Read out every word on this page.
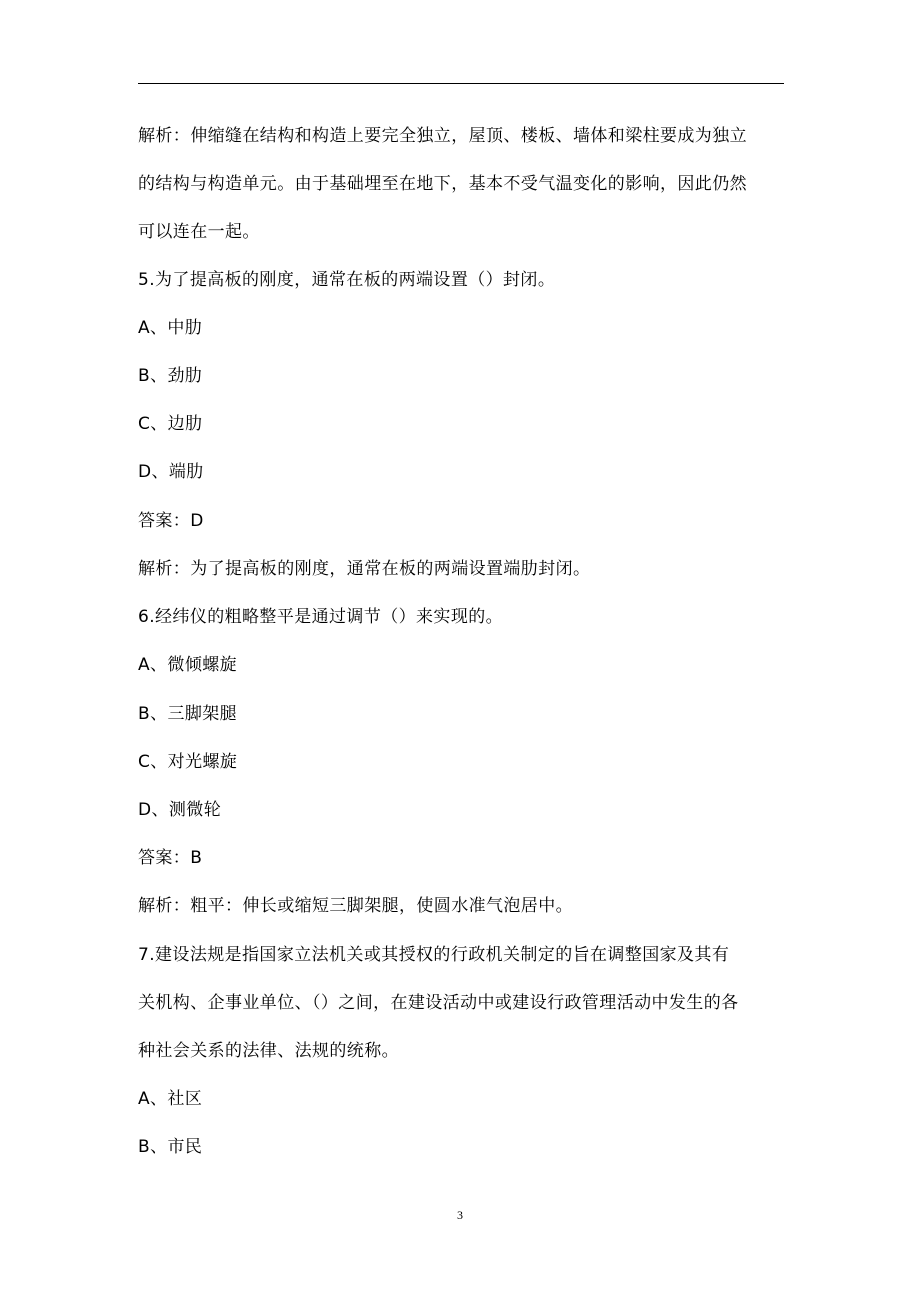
解析：伸缩缝在结构和构造上要完全独立，屋顶、楼板、墙体和梁柱要成为独立
的结构与构造单元。由于基础埋至在地下，基本不受气温变化的影响，因此仍然
可以连在一起。
5.为了提高板的刚度，通常在板的两端设置（）封闭。
A、中肋
B、劲肋
C、边肋
D、端肋
答案：D
解析：为了提高板的刚度，通常在板的两端设置端肋封闭。
6.经纬仪的粗略整平是通过调节（）来实现的。
A、微倾螺旋
B、三脚架腿
C、对光螺旋
D、测微轮
答案：B
解析：粗平：伸长或缩短三脚架腿，使圆水准气泡居中。
7.建设法规是指国家立法机关或其授权的行政机关制定的旨在调整国家及其有
关机构、企事业单位、（）之间，在建设活动中或建设行政管理活动中发生的各
种社会关系的法律、法规的统称。
A、社区
B、市民
3
